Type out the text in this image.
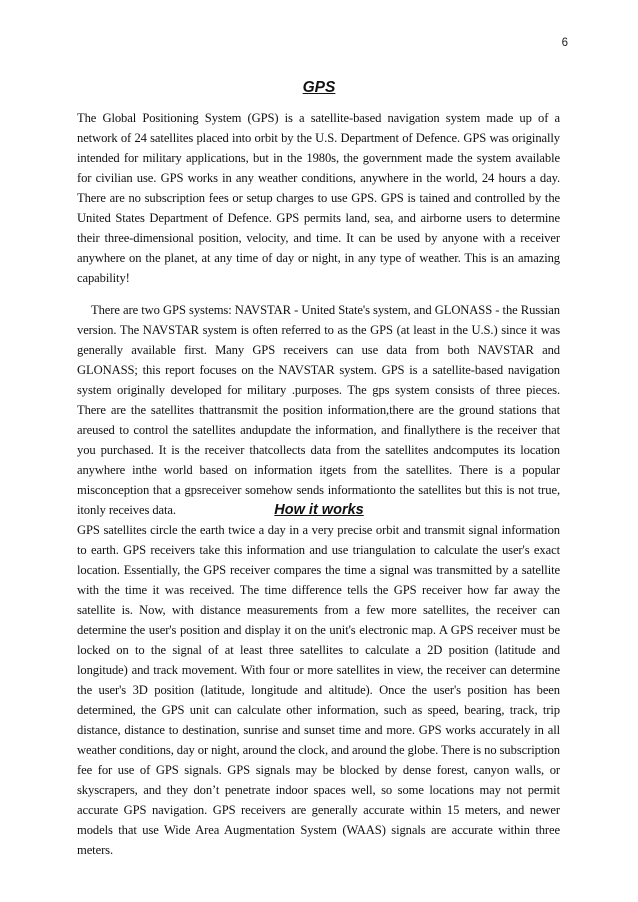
6
GPS

The Global Positioning System (GPS) is a satellite-based navigation system made up of a network of 24 satellites placed into orbit by the U.S. Department of Defence. GPS was originally intended for military applications, but in the 1980s, the government made the system available for civilian use. GPS works in any weather conditions, anywhere in the world, 24 hours a day. There are no subscription fees or setup charges to use GPS. GPS is tained and controlled by the United States Department of Defence. GPS permits land, sea, and airborne users to determine their three-dimensional position, velocity, and time. It can be used by anyone with a receiver anywhere on the planet, at any time of day or night, in any type of weather. This is an amazing capability!

There are two GPS systems: NAVSTAR - United State's system, and GLONASS - the Russian version. The NAVSTAR system is often referred to as the GPS (at least in the U.S.) since it was generally available first. Many GPS receivers can use data from both NAVSTAR and GLONASS; this report focuses on the NAVSTAR system. GPS is a satellite-based navigation system originally developed for military .purposes. The gps system consists of three pieces. There are the satellites thattransmit the position information,there are the ground stations that areused to control the satellites andupdate the information, and finallythere is the receiver that you purchased. It is the receiver thatcollects data from the satellites andcomputes its location anywhere inthe world based on information itgets from the satellites. There is a popular misconception that a gpsreceiver somehow sends informationto the satellites but this is not true, itonly receives data.	How it works

GPS satellites circle the earth twice a day in a very precise orbit and transmit signal information to earth. GPS receivers take this information and use triangulation to calculate the user's exact location. Essentially, the GPS receiver compares the time a signal was transmitted by a satellite with the time it was received. The time difference tells the GPS receiver how far away the satellite is. Now, with distance measurements from a few more satellites, the receiver can determine the user's position and display it on the unit's electronic map. A GPS receiver must be locked on to the signal of at least three satellites to calculate a 2D position (latitude and longitude) and track movement. With four or more satellites in view, the receiver can determine the user's 3D position (latitude, longitude and altitude). Once the user's position has been determined, the GPS unit can calculate other information, such as speed, bearing, track, trip distance, distance to destination, sunrise and sunset time and more. GPS works accurately in all weather conditions, day or night, around the clock, and around the globe. There is no subscription fee for use of GPS signals. GPS signals may be blocked by dense forest, canyon walls, or skyscrapers, and they don’t penetrate indoor spaces well, so some locations may not permit accurate GPS navigation. GPS receivers are generally accurate within 15 meters, and newer models that use Wide Area Augmentation System (WAAS) signals are accurate within three meters.
